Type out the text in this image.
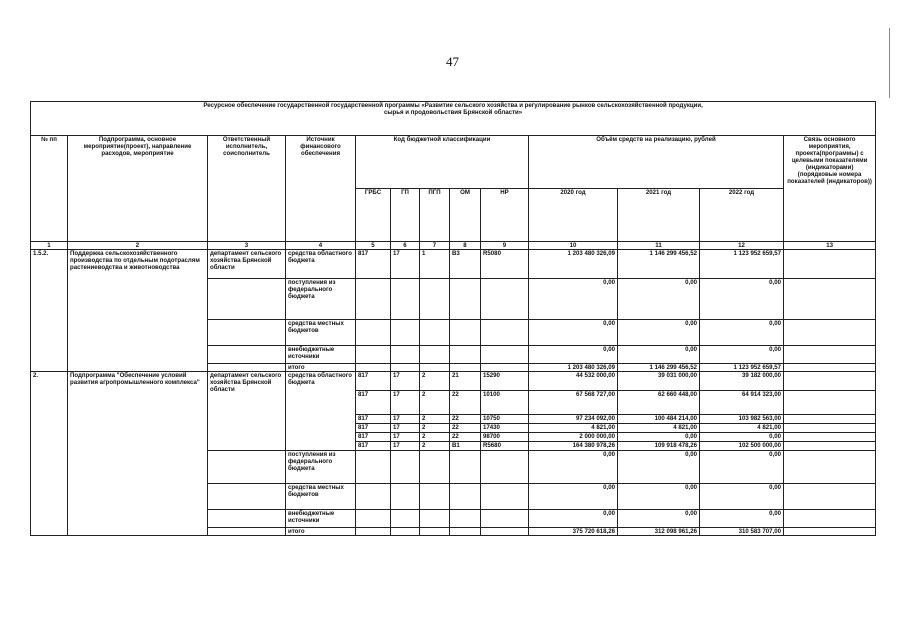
47
Ресурсное обеспечение государственной государственной программы «Развитие сельского хозяйства и регулирование рынков сельскохозяйственной продукции,
сырья и продовольствия Брянской области»												

№ пп	Подпрограмма, основное мероприятие(проект), направление расходов, мероприятие	Ответственный исполнитель, соисполнитель	Источник финансового обеспечения	Код бюджетной классификации					Объём средств на реализацию, рублей			Связь основного мероприятия, проекта(программы) с целевыми показателями (индикаторами) (порядковые номера показателей (индикаторов))
				ГРБС	ГП	ПГП	ОМ	НР	2020 год	2021 год	2022 год	
1	2	3	4	5	6	7	8	9	10	11	12	13
1.5.2.	Поддержка сельскохозяйственного производства по отдельным подотраслям растениеводства и животноводства	департамент сельского хозяйства Брянской области	средства областного бюджета	817	17	1	В3	R5080	1 203 480 326,09	1 146 299 456,52	1 123 952 659,57	
			поступления из федерального бюджета						0,00	0,00	0,00	
			средства местных бюджетов						0,00	0,00	0,00	
			внебюджетные источники						0,00	0,00	0,00	
			итого						1 203 480 326,09	1 146 299 456,52	1 123 952 659,57	
2.	Подпрограмма "Обеспечение условий развития агропромышленного комплекса"	департамент сельского хозяйства Брянской области	средства областного бюджета	817	17	2	21	15290	44 532 000,00	39 031 000,00	39 182 000,00	
				817	17	2	22	10100	67 568 727,00	62 660 448,00	64 914 323,00	
				817	17	2	22	10750	97 234 092,00	100 484 214,00	103 982 563,00	
				817	17	2	22	17430	4 821,00	4 821,00	4 821,00	
				817	17	2	22	98700	2 000 000,00	0,00	0,00	
				817	17	2	В1	R5680	164 380 978,26	109 918 478,26	102 500 000,00	
			поступления из федерального бюджета						0,00	0,00	0,00	
			средства местных бюджетов						0,00	0,00	0,00	
			внебюджетные источники						0,00	0,00	0,00	
			итого						375 720 618,26	312 098 961,26	310 583 707,00	
